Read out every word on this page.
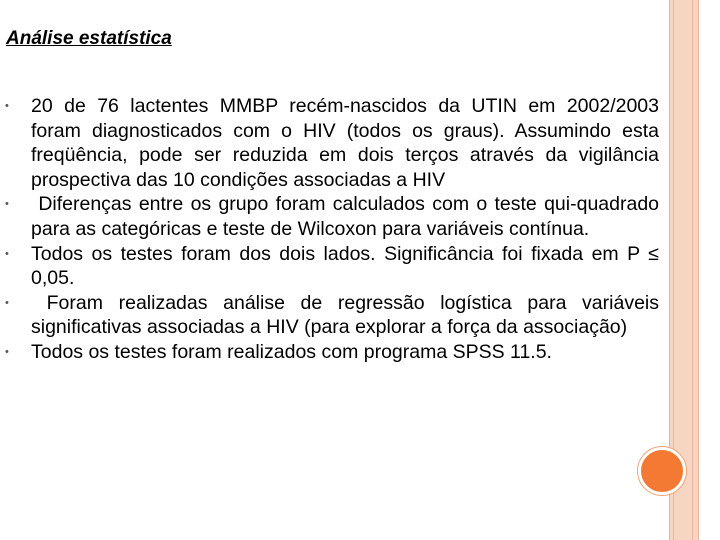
Análise estatística
• 20 de 76 lactentes MMBP recém-nascidos da UTIN em 2002/2003 foram diagnosticados com o HIV (todos os graus). Assumindo esta freqüência, pode ser reduzida em dois terços através da vigilância prospectiva das 10 condições associadas a HIV
• Diferenças entre os grupo foram calculados com o teste qui-quadrado para as categóricas e teste de Wilcoxon para variáveis contínua.
• Todos os testes foram dos dois lados. Significância foi fixada em P ≤ 0,05.
• Foram realizadas análise de regressão logística para variáveis significativas associadas a HIV (para explorar a força da associação)
• Todos os testes foram realizados com programa SPSS 11.5.
